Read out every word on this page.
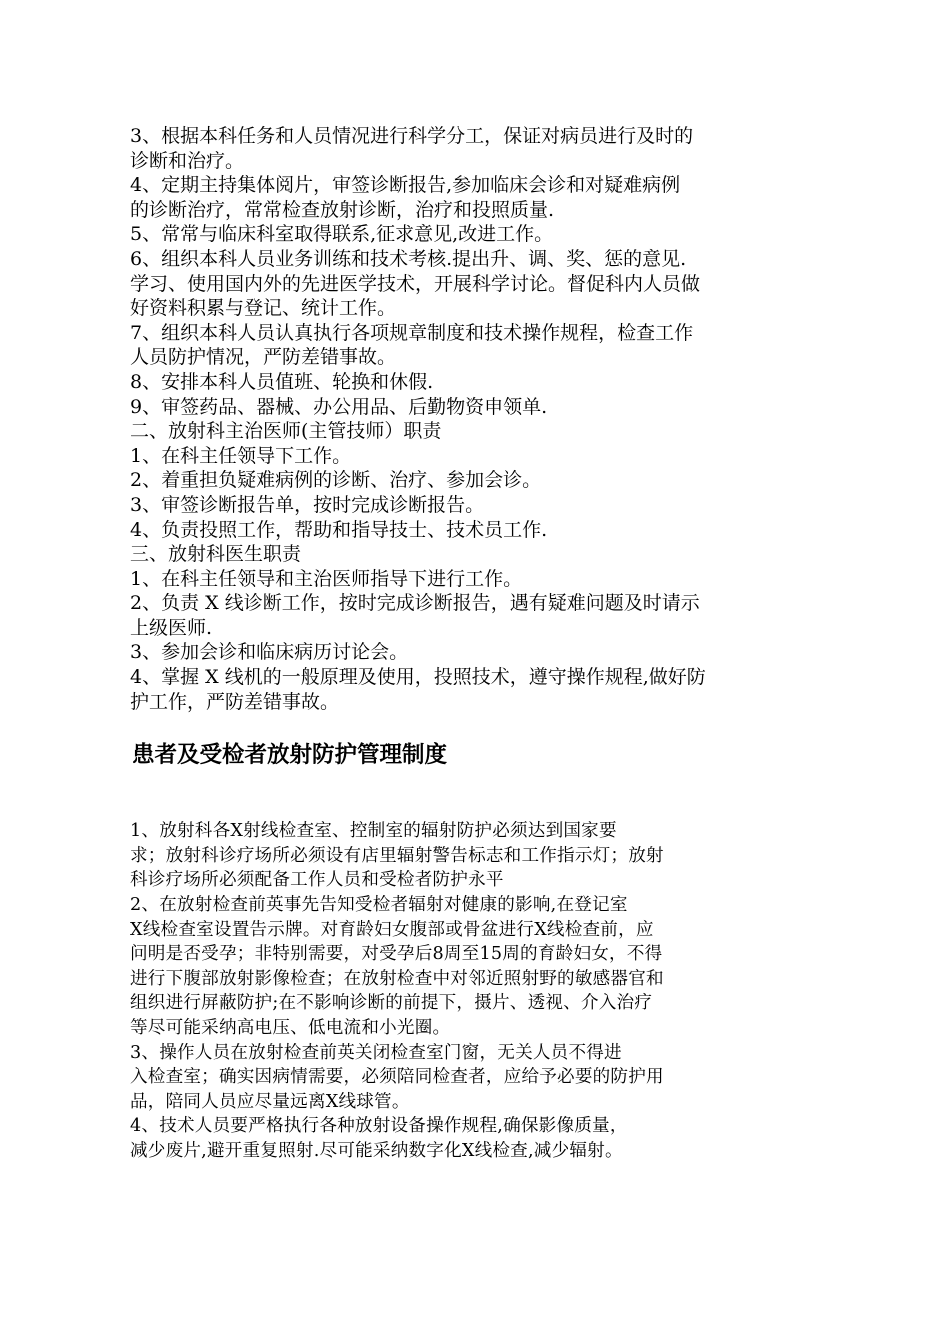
3、根据本科任务和人员情况进行科学分工，保证对病员进行及时的
诊断和治疗。
4、定期主持集体阅片，审签诊断报告,参加临床会诊和对疑难病例
的诊断治疗，常常检查放射诊断，治疗和投照质量.
5、常常与临床科室取得联系,征求意见,改进工作。
6、组织本科人员业务训练和技术考核.提出升、调、奖、惩的意见.
学习、使用国内外的先进医学技术，开展科学讨论。督促科内人员做
好资料积累与登记、统计工作。
7、组织本科人员认真执行各项规章制度和技术操作规程，检查工作
人员防护情况，严防差错事故。
8、安排本科人员值班、轮换和休假.
9、审签药品、器械、办公用品、后勤物资申领单.
二、放射科主治医师(主管技师）职责
1、在科主任领导下工作。
2、着重担负疑难病例的诊断、治疗、参加会诊。
3、审签诊断报告单，按时完成诊断报告。
4、负责投照工作，帮助和指导技士、技术员工作.
三、放射科医生职责
1、在科主任领导和主治医师指导下进行工作。
2、负责 X 线诊断工作，按时完成诊断报告，遇有疑难问题及时请示
上级医师.
3、参加会诊和临床病历讨论会。
4、掌握 X 线机的一般原理及使用，投照技术，遵守操作规程,做好防
护工作，严防差错事故。
患者及受检者放射防护管理制度
1、放射科各X射线检查室、控制室的辐射防护必须达到国家要
求；放射科诊疗场所必须设有店里辐射警告标志和工作指示灯；放射
科诊疗场所必须配备工作人员和受检者防护永平
2、在放射检查前英事先告知受检者辐射对健康的影响,在登记室
X线检查室设置告示牌。对育龄妇女腹部或骨盆进行X线检查前，应
问明是否受孕；非特别需要，对受孕后8周至15周的育龄妇女，不得
进行下腹部放射影像检查；在放射检查中对邻近照射野的敏感器官和
组织进行屏蔽防护;在不影响诊断的前提下，摄片、透视、介入治疗
等尽可能采纳高电压、低电流和小光圈。
3、操作人员在放射检查前英关闭检查室门窗，无关人员不得进
入检查室；确实因病情需要，必须陪同检查者，应给予必要的防护用
品，陪同人员应尽量远离X线球管。
4、技术人员要严格执行各种放射设备操作规程,确保影像质量，
减少废片,避开重复照射.尽可能采纳数字化X线检查,减少辐射。
